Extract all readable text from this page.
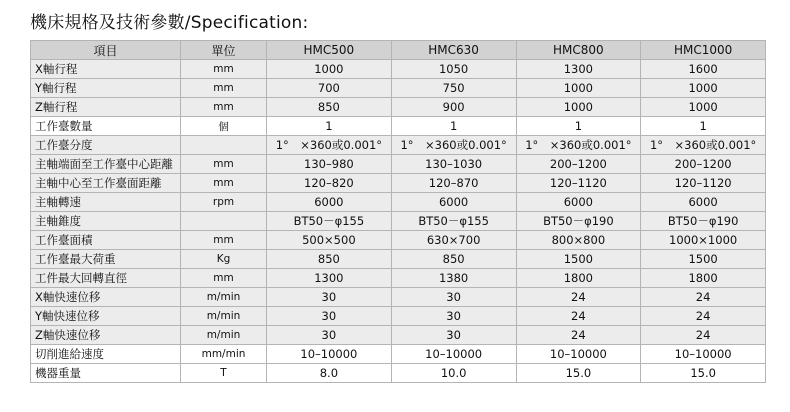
機床規格及技術參數/Specification:
項目	單位	HMC500	HMC630	HMC800	HMC1000
X軸行程	mm	1000	1050	1300	1600
Y軸行程	mm	700	750	1000	1000
Z軸行程	mm	850	900	1000	1000
工作臺數量	個	1	1	1	1
工作臺分度		1°　×360或0.001°	1°　×360或0.001°	1°　×360或0.001°	1°　×360或0.001°
主軸端面至工作臺中心距離	mm	130–980	130–1030	200–1200	200–1200
主軸中心至工作臺面距離	mm	120–820	120–870	120–1120	120–1120
主軸轉速	rpm	6000	6000	6000	6000
主軸錐度		BT50－φ155	BT50－φ155	BT50－φ190	BT50－φ190
工作臺面積	mm	500×500	630×700	800×800	1000×1000
工作臺最大荷重	Kg	850	850	1500	1500
工件最大回轉直徑	mm	1300	1380	1800	1800
X軸快速位移	m/min	30	30	24	24
Y軸快速位移	m/min	30	30	24	24
Z軸快速位移	m/min	30	30	24	24
切削進給速度	mm/min	10–10000	10–10000	10–10000	10–10000
機器重量	T	8.0	10.0	15.0	15.0
